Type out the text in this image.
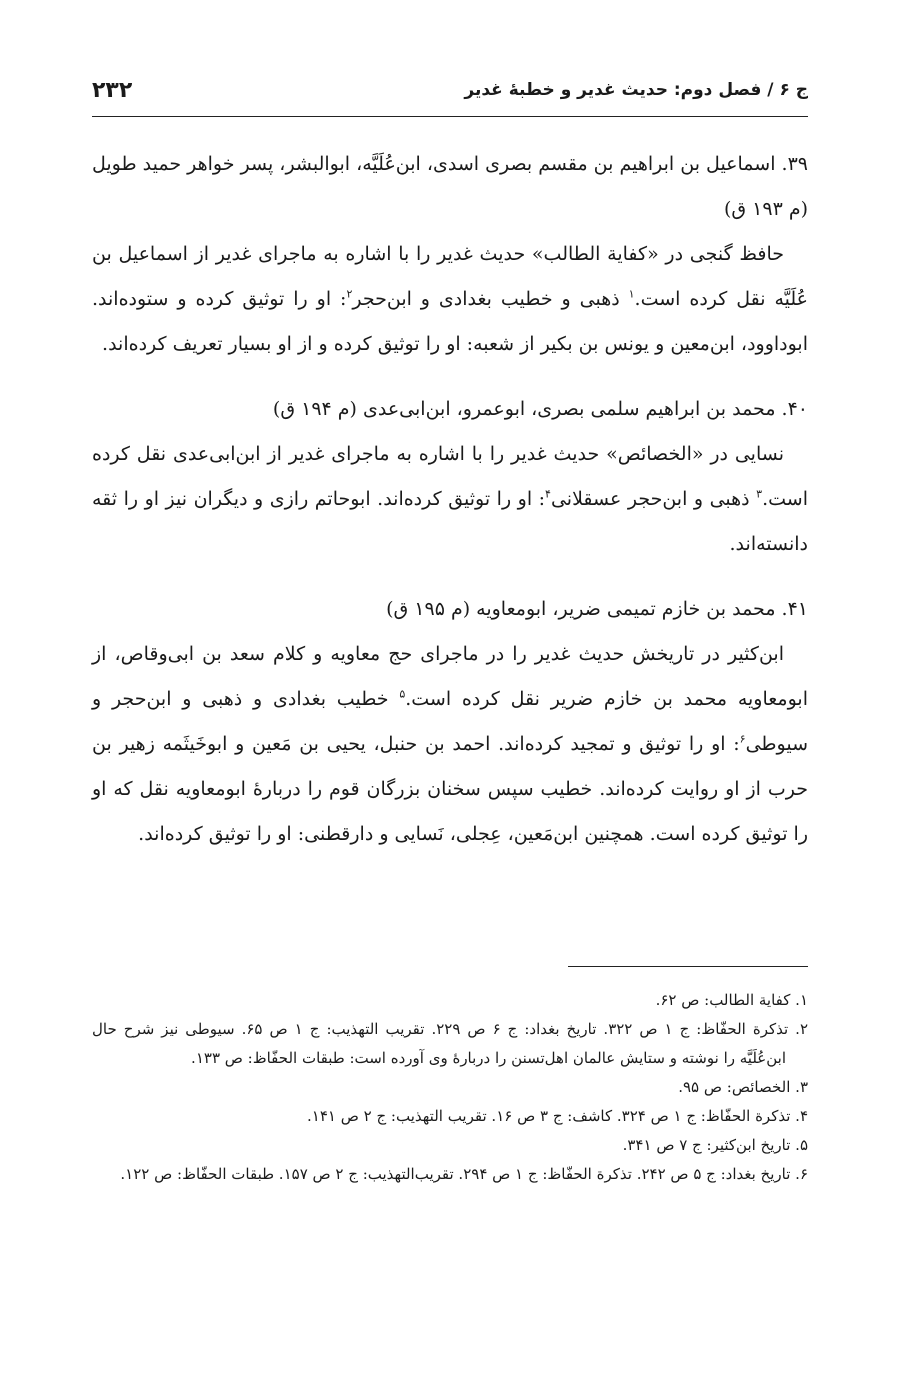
ج ۶ / فصل دوم: حدیث غدیر و خطبهٔ غدیر
۲۳۲

۳۹. اسماعیل بن ابراهیم بن مقسم بصری اسدی، ابن‌عُلَیَّه، ابوالبشر، پسر خواهر حمید طویل (م ۱۹۳ ق)

حافظ گنجی در «کفایة الطالب» حدیث غدیر را با اشاره به ماجرای غدیر از اسماعیل بن عُلَیَّه نقل کرده است.$^۱$ ذهبی و خطیب بغدادی و ابن‌حجر$^۲$: او را توثیق کرده و ستوده‌اند. ابوداوود، ابن‌معین و یونس بن بکیر از شعبه: او را توثیق کرده و از او بسیار تعریف کرده‌اند.

۴۰. محمد بن ابراهیم سلمی بصری، ابوعمرو، ابن‌ابی‌عدی (م ۱۹۴ ق)

نسایی در «الخصائص» حدیث غدیر را با اشاره به ماجرای غدیر از ابن‌ابی‌عدی نقل کرده است.$^۳$ ذهبی و ابن‌حجر عسقلانی$^۴$: او را توثیق کرده‌اند. ابوحاتم رازی و دیگران نیز او را ثقه دانسته‌اند.

۴۱. محمد بن خازم تمیمی ضریر، ابومعاویه (م ۱۹۵ ق)

ابن‌کثیر در تاریخش حدیث غدیر را در ماجرای حج معاویه و کلام سعد بن ابی‌وقاص، از ابومعاویه محمد بن خازم ضریر نقل کرده است.$^۵$ خطیب بغدادی و ذهبی و ابن‌حجر و سیوطی$^۶$: او را توثیق و تمجید کرده‌اند. احمد بن حنبل، یحیی بن مَعین و ابوخَیثَمه زهیر بن حرب از او روایت کرده‌اند. خطیب سپس سخنان بزرگان قوم را دربارهٔ ابومعاویه نقل که او را توثیق کرده است. همچنین ابن‌مَعین، عِجلی، نَسایی و دارقطنی: او را توثیق کرده‌اند.

۱. کفایة الطالب: ص ۶۲.

۲. تذکرة الحفّاظ: ج ۱ ص ۳۲۲. تاریخ بغداد: ج ۶ ص ۲۲۹. تقریب التهذیب: ج ۱ ص ۶۵. سیوطی نیز شرح حال ابن‌عُلَیَّه را نوشته و ستایش عالمان اهل‌تسنن را دربارهٔ وی آورده است: طبقات الحفّاظ: ص ۱۳۳.

۳. الخصائص: ص ۹۵.

۴. تذکرة الحفّاظ: ج ۱ ص ۳۲۴. کاشف: ج ۳ ص ۱۶. تقریب التهذیب: ج ۲ ص ۱۴۱.

۵. تاریخ ابن‌کثیر: ج ۷ ص ۳۴۱.

۶. تاریخ بغداد: ج ۵ ص ۲۴۲. تذکرة الحفّاظ: ج ۱ ص ۲۹۴. تقریب‌التهذیب: ج ۲ ص ۱۵۷. طبقات الحفّاظ: ص ۱۲۲.
